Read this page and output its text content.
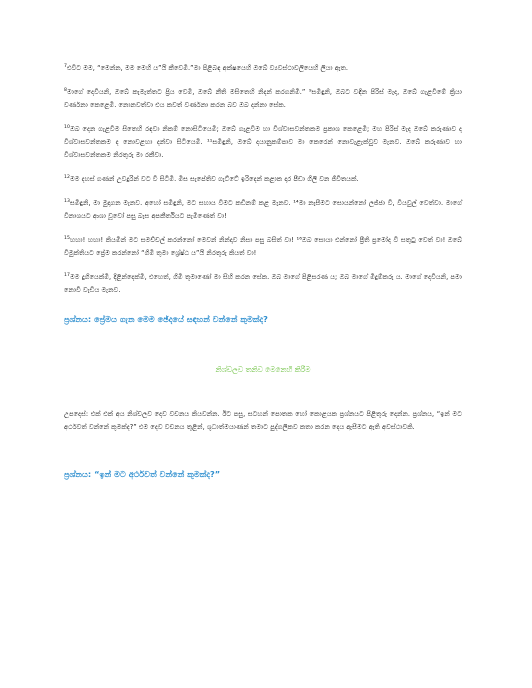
$^7$එවිට මම, “මෙන්න, මම මෙහි ය”යි කීවෙමි.”මා පිළිබඳ අක්ෂයෙහි ඔබේ ව්‍යවස්ථාවලියෙහි ලියා ඇත.

$^8$මාගේ දෙවියනි, ඔබේ කැමැත්තට ප්‍රිය වෙමි, ඔබේ නීති මසිතෙහි නිදන් කරගනිමි.” ⁹සමිඳුනි, ඔබට වඳින පිරිස් මැද, ඔබේ ගැළවීමේ ක්‍රියා වර්ණනා කෙළෙමි. නොනවත්වා එය කවත් වර්ණනා කරන බව ඔබ දන්නා සේක.

$^{10}$ඔබ දෙන ගැළවීම සිතෙහි රඳවා නිකම් නොසිටියෙමි; ඔබේ ගැළවීම හා විශ්වාසවන්තකම ප්‍රකාශ කෙළෙමි; මහ පිරිස් මැද ඔබේ කරුණාව ද විශ්වාසවන්තකම ද නොවළහා දන්වා සිටියෙමි. ¹¹සමිඳුනි, ඔබේ දයානුකම්පාව මා කෙරෙන් නොවැළැක්වුව මැනව. ඔබේ කරුණාව හා විශ්වාසවන්තකම නිරතුරු මා රකීවා.

$^{12}$මම දහස් ගණන් උවදුරින් වට වී සිටිමි. මිස සැපේතිව ගැට්ටේ ඉරිදෙන් කළාක දාර පීඩා ගිලි වන ජීවිතයක්.

$^{13}$සමිඳුනි, මා මුදාගන මැනව. අහෝ සමිඳුනි, මට සහාය වීමට කඩිනම් කළ මැනව. ¹⁴මා නැසීමට සොයන්නෝ ලජ්ජා වී, වියවුල් වෙත්වා. මාගේ විනාශයට ආශා වූවෝ පසු බැස අපකීර්තියට පැමිණෙත් වා!

$^{15}$හහා! හහා! කියමින් මට සමච්චල් කරන්නෝ මෙවන් නින්දාව නිසා පසු බසිත් වා! ¹⁶ඔබ සොයා එන්නෝ ප්‍රීති ප්‍රමෝද වී සතුටු වෙත් වා! ඔබේ විමුක්තියට ප්‍රේම කරන්නෝ “ගිමි තුමා ශ්‍රේෂ්ඨ ය”යි නිරතුරු කියත් වා!

$^{17}$මම දුගියෙක්මි, දිළින්දෙක්මි, එහෙත්, ගිමි තුමාණෝ මා සිහි කරන සේක. ඔබ මාගේ පිළිසරණ ය; ඔබ මාගේ මිදුම්කරු ය. මාගේ දෙවියනි, පමා නොවී වැඩිය මැනව.

ප්‍රශ්නය: ප්‍රේමය ගැන මෙම ඡේදයේ සඳහන් වන්නේ කුමක්ද?

නිශ්චලව තනිව මෙනෙහි කිරීම

උපදෙස්: එක් එක් අය නිශ්චලව දෙව වචනය කියවන්න. ඊට පසු, සටහන් පොතක හෝ කොළයක ප්‍රශ්නයට පිළිතුරු දෙන්න. ප්‍රශ්නය, “ඉන් මට අර්ථවත් වන්නේ කුමක්ද?” එම දෙව වචනය තුළින්, ශුධාත්මයාණන් තමාට පුද්ගලිකව කතා කරන දෙය ඇසීමට ඇති අවස්ථාවකි.

ප්‍රශ්නය: “ඉන් මට අර්ථවත් වන්නේ කුමක්ද?”
